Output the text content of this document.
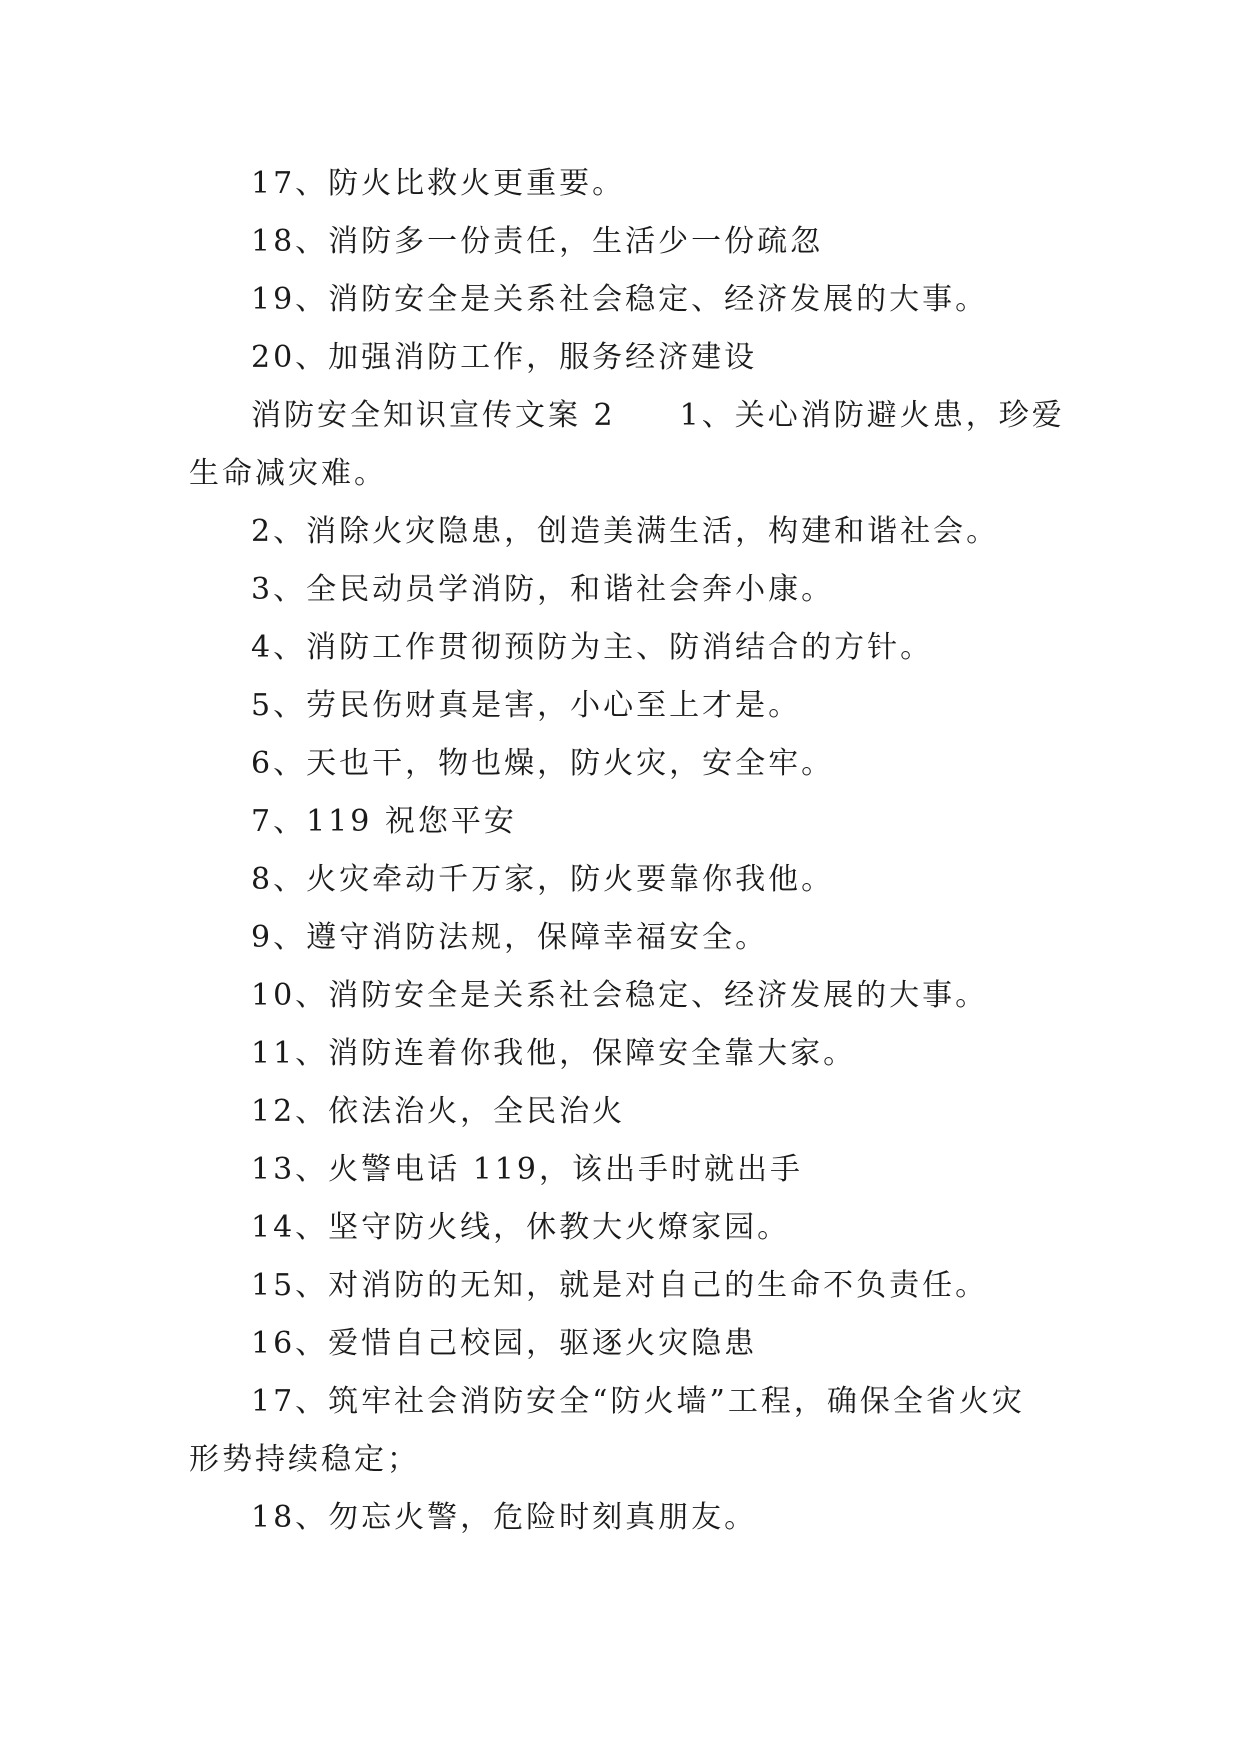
17、防火比救火更重要。

18、消防多一份责任，生活少一份疏忽

19、消防安全是关系社会稳定、经济发展的大事。

20、加强消防工作，服务经济建设

消防安全知识宣传文案 2 1、关心消防避火患，珍爱

生命减灾难。

2、消除火灾隐患，创造美满生活，构建和谐社会。

3、全民动员学消防，和谐社会奔小康。

4、消防工作贯彻预防为主、防消结合的方针。

5、劳民伤财真是害，小心至上才是。

6、天也干，物也燥，防火灾，安全牢。

7、119 祝您平安

8、火灾牵动千万家，防火要靠你我他。

9、遵守消防法规，保障幸福安全。

10、消防安全是关系社会稳定、经济发展的大事。

11、消防连着你我他，保障安全靠大家。

12、依法治火，全民治火

13、火警电话 119，该出手时就出手

14、坚守防火线，休教大火燎家园。

15、对消防的无知，就是对自己的生命不负责任。

16、爱惜自己校园，驱逐火灾隐患

17、筑牢社会消防安全“防火墙”工程，确保全省火灾

形势持续稳定；

18、勿忘火警，危险时刻真朋友。
